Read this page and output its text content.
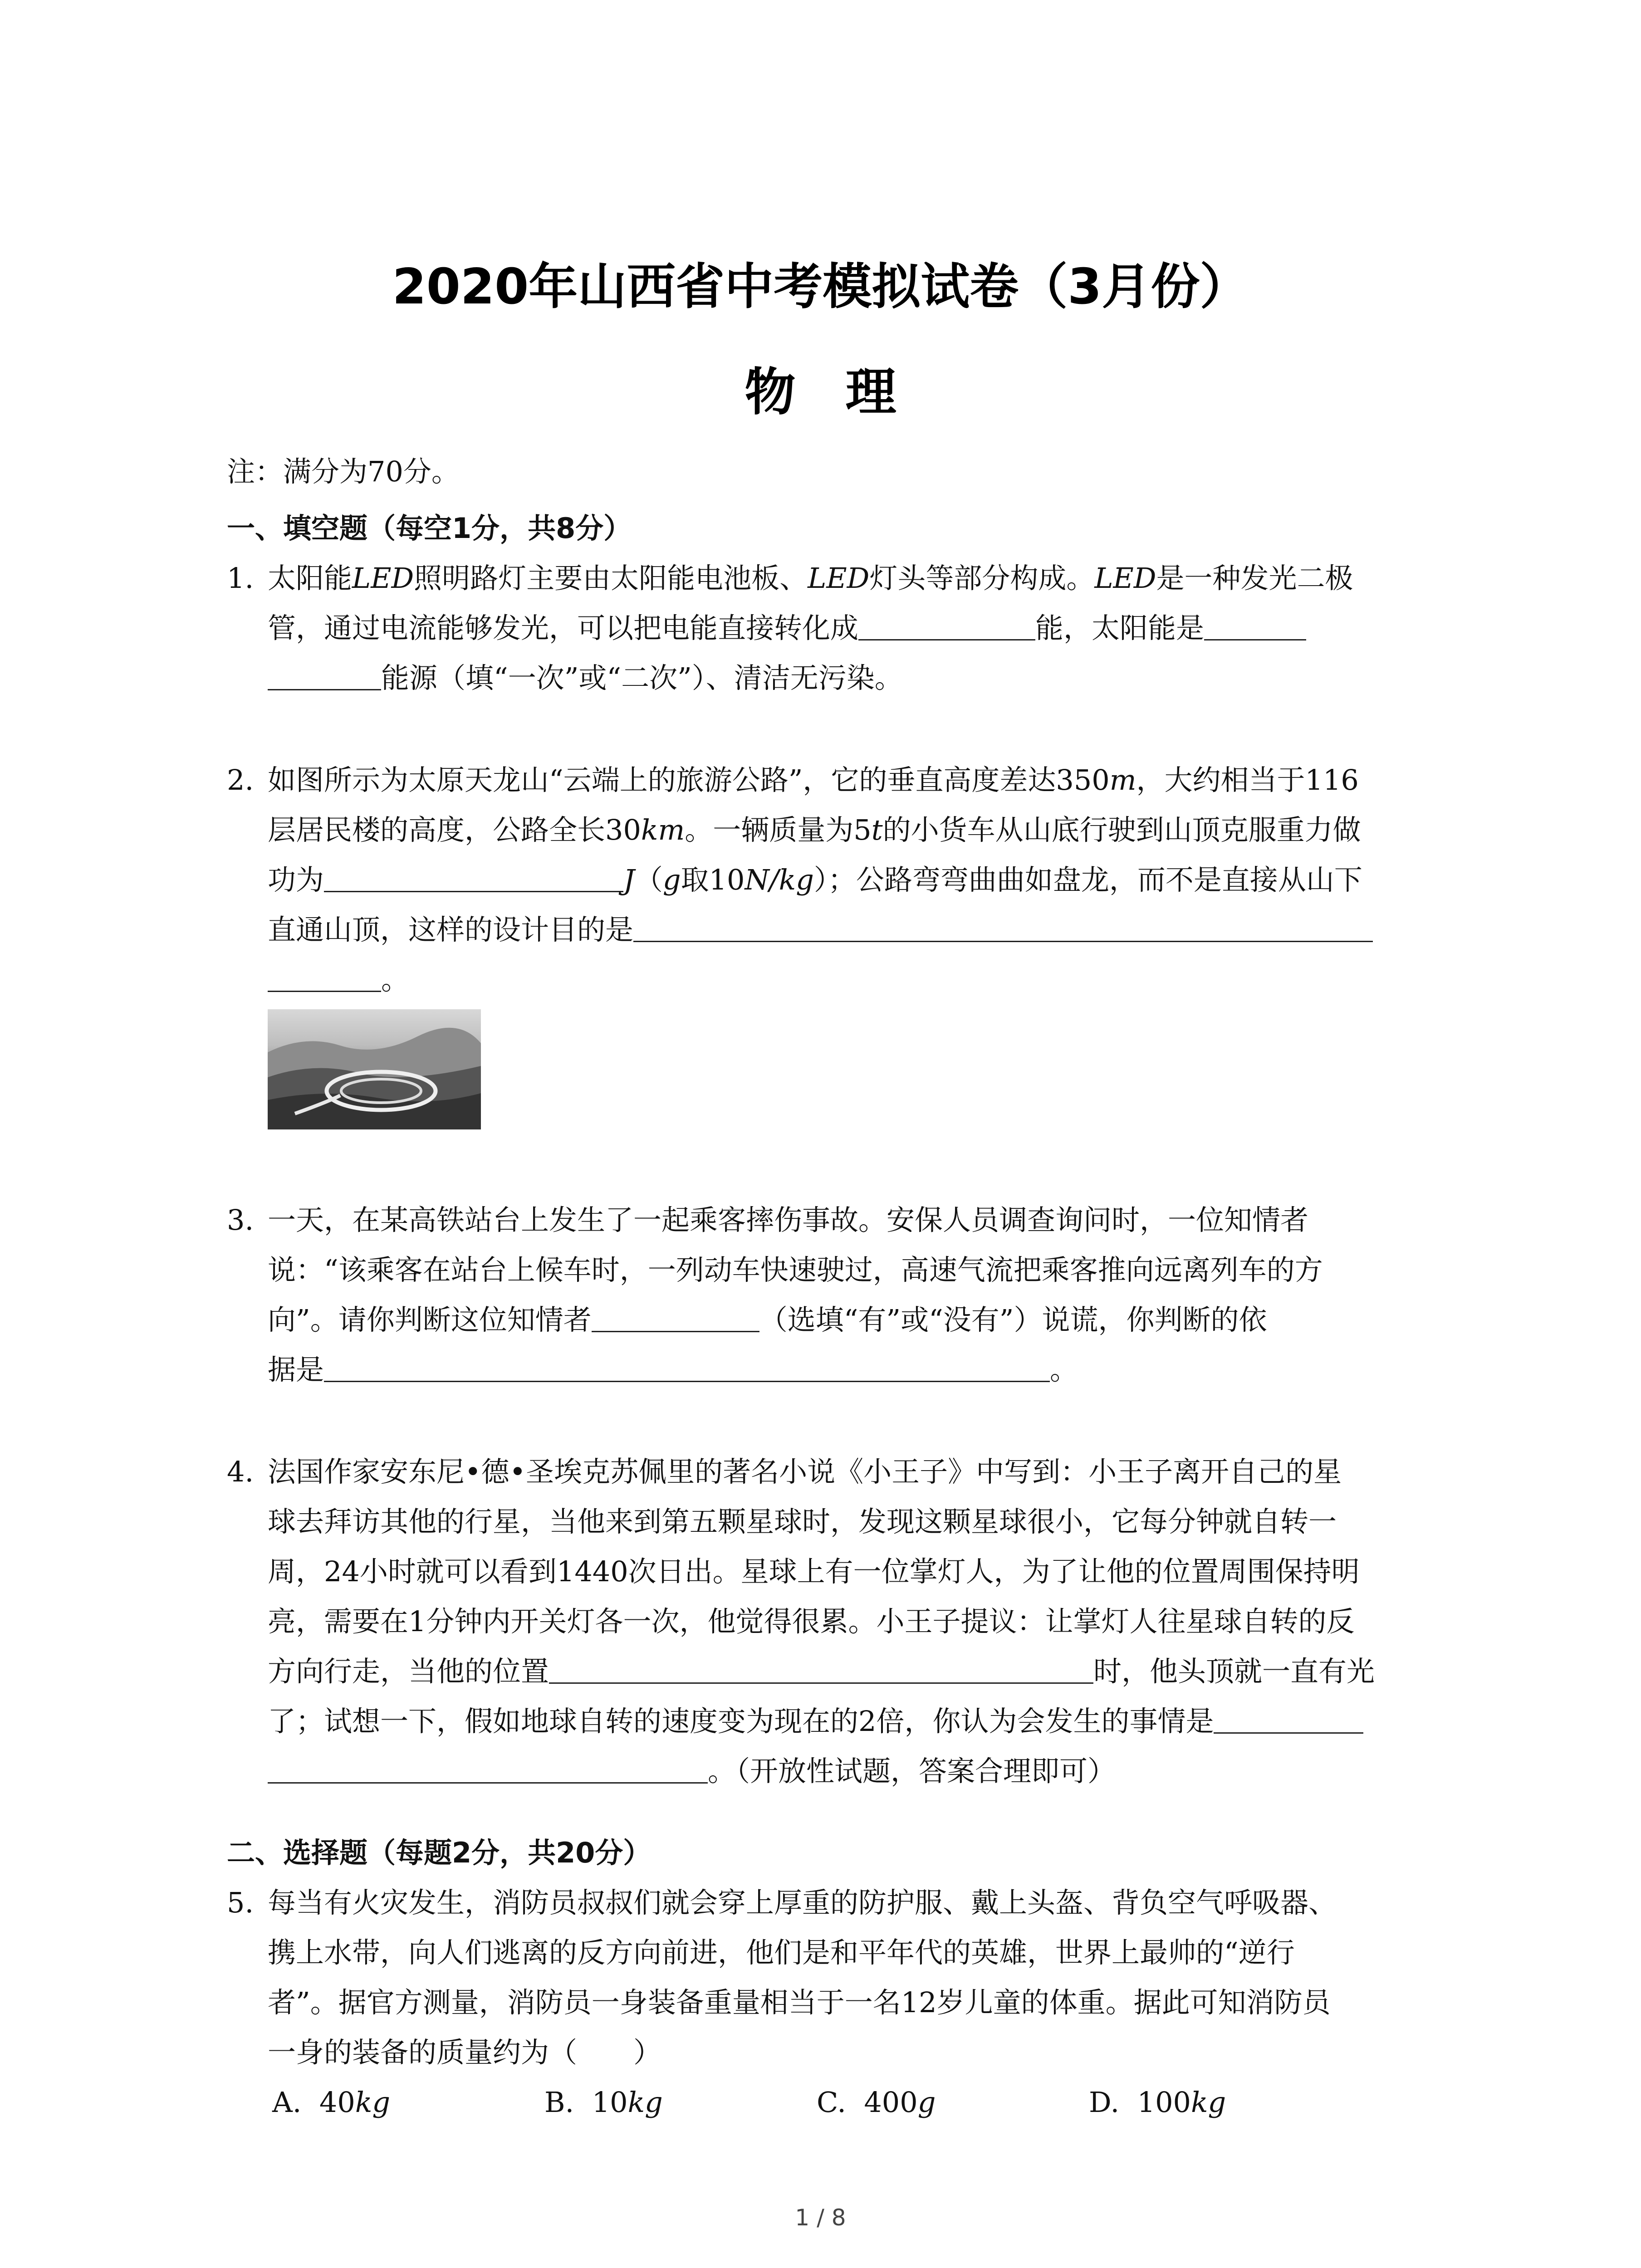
2020年山西省中考模拟试卷（3月份）
物理
注：满分为70分。
一、填空题（每空1分，共8分）
1. 太阳能LED照明路灯主要由太阳能电池板、LED灯头等部分构成。LED是一种发光二极
管，通过电流能够发光，可以把电能直接转化成	能，太阳能是
能源（填“一次”或“二次”）、清洁无污染。
2. 如图所示为太原天龙山“云端上的旅游公路”，它的垂直高度差达350m，大约相当于116
层居民楼的高度，公路全长30km。一辆质量为5t的小货车从山底行驶到山顶克服重力做
功为	J（g取10N/kg）；公路弯弯曲曲如盘龙，而不是直接从山下
直通山顶，这样的设计目的是
。
3. 一天，在某高铁站台上发生了一起乘客摔伤事故。安保人员调查询问时，一位知情者
说：“该乘客在站台上候车时，一列动车快速驶过，高速气流把乘客推向远离列车的方
向”。请你判断这位知情者	（选填“有”或“没有”）说谎，你判断的依
据是	。
4. 法国作家安东尼•德•圣埃克苏佩里的著名小说《小王子》中写到：小王子离开自己的星
球去拜访其他的行星，当他来到第五颗星球时，发现这颗星球很小，它每分钟就自转一
周，24小时就可以看到1440次日出。星球上有一位掌灯人，为了让他的位置周围保持明
亮，需要在1分钟内开关灯各一次，他觉得很累。小王子提议：让掌灯人往星球自转的反
方向行走，当他的位置	时，他头顶就一直有光
了；试想一下，假如地球自转的速度变为现在的2倍，你认为会发生的事情是
。（开放性试题，答案合理即可）
二、选择题（每题2分，共20分）
5. 每当有火灾发生，消防员叔叔们就会穿上厚重的防护服、戴上头盔、背负空气呼吸器、
携上水带，向人们逃离的反方向前进，他们是和平年代的英雄，世界上最帅的“逆行
者”。据官方测量，消防员一身装备重量相当于一名12岁儿童的体重。据此可知消防员
一身的装备的质量约为（　　）
A. 40kg	B. 10kg	C. 400g	D. 100kg
1 / 8
